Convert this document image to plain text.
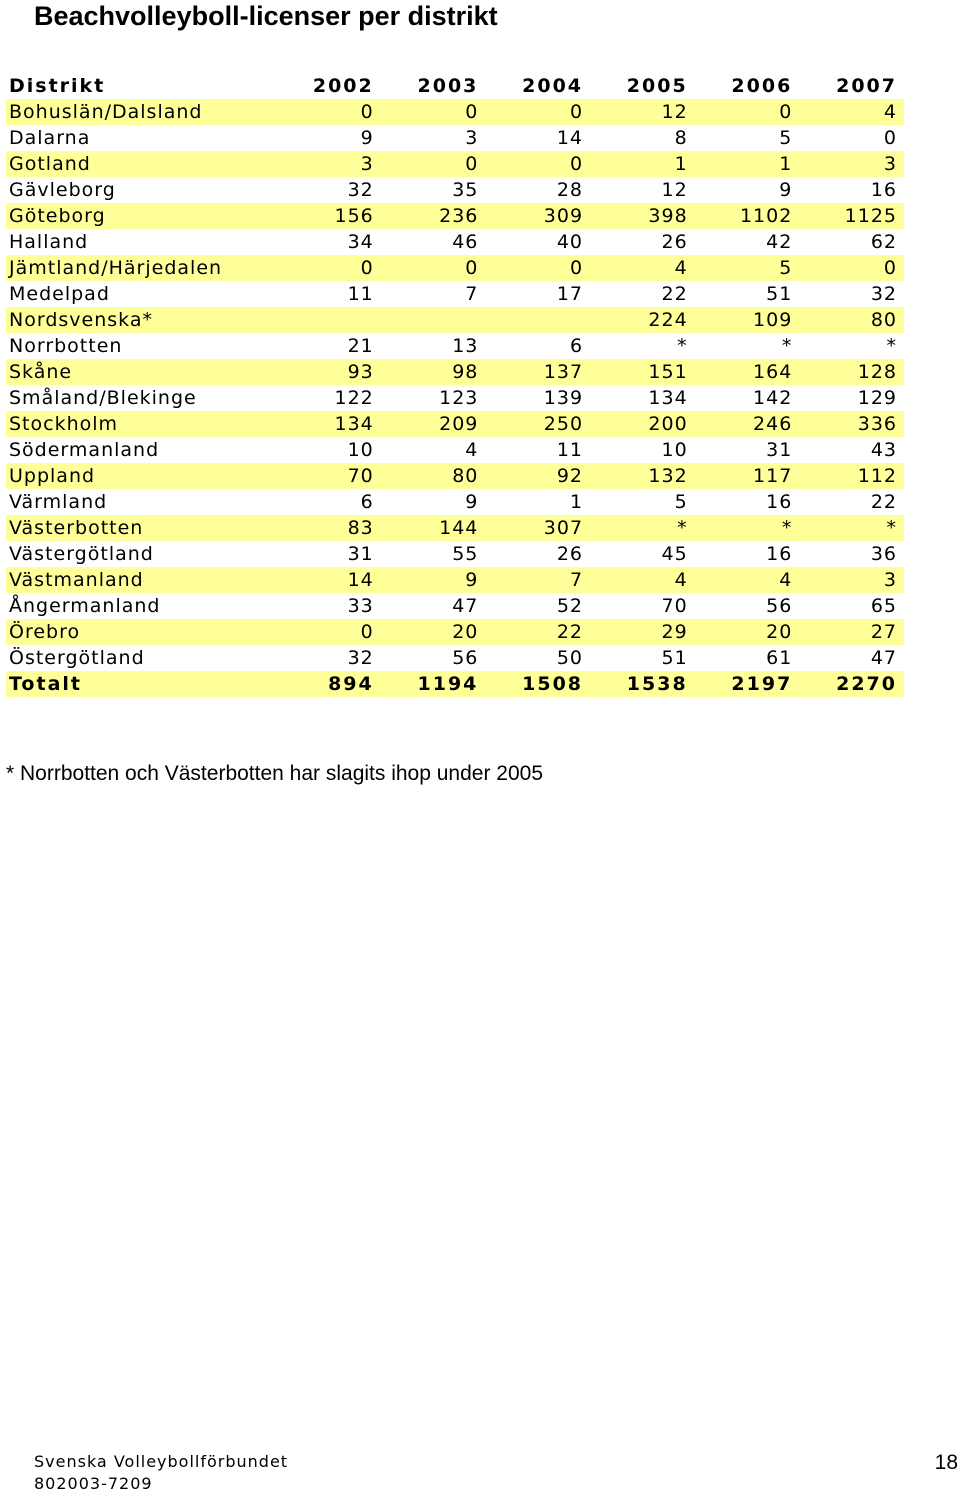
Beachvolleyboll-licenser per distrikt
Distrikt	2002	2003	2004	2005	2006	2007
Bohuslän/Dalsland	0	0	0	12	0	4
Dalarna	9	3	14	8	5	0
Gotland	3	0	0	1	1	3
Gävleborg	32	35	28	12	9	16
Göteborg	156	236	309	398	1102	1125
Halland	34	46	40	26	42	62
Jämtland/Härjedalen	0	0	0	4	5	0
Medelpad	11	7	17	22	51	32
Nordsvenska*				224	109	80
Norrbotten	21	13	6	*	*	*
Skåne	93	98	137	151	164	128
Småland/Blekinge	122	123	139	134	142	129
Stockholm	134	209	250	200	246	336
Södermanland	10	4	11	10	31	43
Uppland	70	80	92	132	117	112
Värmland	6	9	1	5	16	22
Västerbotten	83	144	307	*	*	*
Västergötland	31	55	26	45	16	36
Västmanland	14	9	7	4	4	3
Ångermanland	33	47	52	70	56	65
Örebro	0	20	22	29	20	27
Östergötland	32	56	50	51	61	47
Totalt	894	1194	1508	1538	2197	2270
* Norrbotten och Västerbotten har slagits ihop under 2005
Svenska Volleybollförbundet
802003-7209
18
